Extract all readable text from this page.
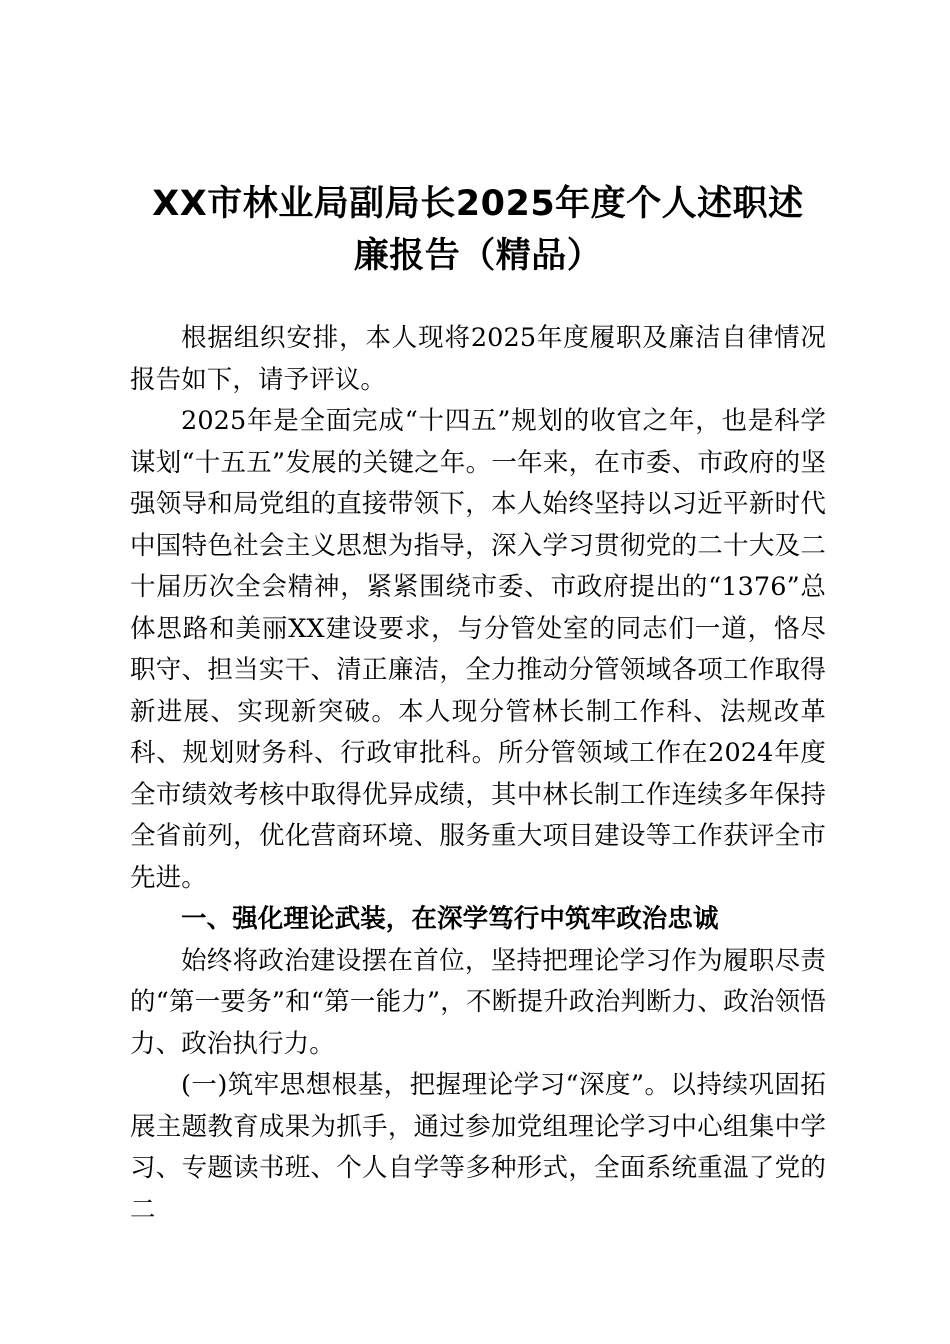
XX市林业局副局长2025年度个人述职述廉报告（精品）

根据组织安排，本人现将2025年度履职及廉洁自律情况报告如下，请予评议。

2025年是全面完成“十四五”规划的收官之年，也是科学谋划“十五五”发展的关键之年。一年来，在市委、市政府的坚强领导和局党组的直接带领下，本人始终坚持以习近平新时代中国特色社会主义思想为指导，深入学习贯彻党的二十大及二十届历次全会精神，紧紧围绕市委、市政府提出的“1376”总体思路和美丽XX建设要求，与分管处室的同志们一道，恪尽职守、担当实干、清正廉洁，全力推动分管领域各项工作取得新进展、实现新突破。本人现分管林长制工作科、法规改革科、规划财务科、行政审批科。所分管领域工作在2024年度全市绩效考核中取得优异成绩，其中林长制工作连续多年保持全省前列，优化营商环境、服务重大项目建设等工作获评全市先进。

一、强化理论武装，在深学笃行中筑牢政治忠诚

始终将政治建设摆在首位，坚持把理论学习作为履职尽责的“第一要务”和“第一能力”，不断提升政治判断力、政治领悟力、政治执行力。

(一)筑牢思想根基，把握理论学习“深度”。以持续巩固拓展主题教育成果为抓手，通过参加党组理论学习中心组集中学习、专题读书班、个人自学等多种形式，全面系统重温了党的二
